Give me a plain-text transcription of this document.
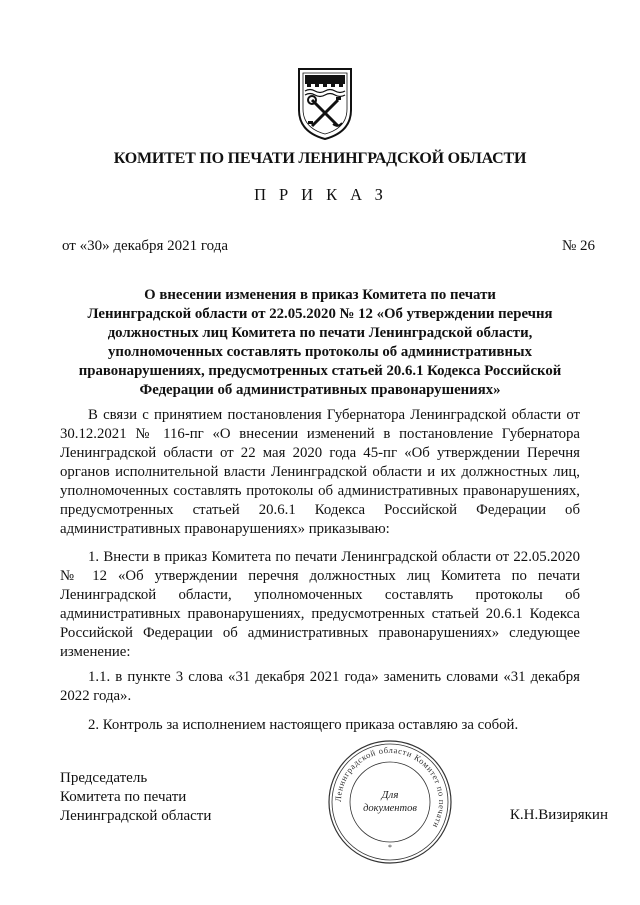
КОМИТЕТ ПО ПЕЧАТИ ЛЕНИНГРАДСКОЙ ОБЛАСТИ
ПРИКАЗ
от «30» декабря 2021 года	№ 26
О внесении изменения в приказ Комитета по печати
Ленинградской области от 22.05.2020 № 12 «Об утверждении перечня
должностных лиц Комитета по печати Ленинградской области,
уполномоченных составлять протоколы об административных
правонарушениях, предусмотренных статьей 20.6.1 Кодекса Российской
Федерации об административных правонарушениях»

В связи с принятием постановления Губернатора Ленинградской области от 30.12.2021 № 116-пг «О внесении изменений в постановление Губернатора Ленинградской области от 22 мая 2020 года 45-пг «Об утверждении Перечня органов исполнительной власти Ленинградской области и их должностных лиц, уполномоченных составлять протоколы об административных правонарушениях, предусмотренных статьей 20.6.1 Кодекса Российской Федерации об административных правонарушениях» приказываю:

1. Внести в приказ Комитета по печати Ленинградской области от 22.05.2020 № 12 «Об утверждении перечня должностных лиц Комитета по печати Ленинградской области, уполномоченных составлять протоколы об административных правонарушениях, предусмотренных статьей 20.6.1 Кодекса Российской Федерации об административных правонарушениях» следующее изменение:

1.1. в пункте 3 слова «31 декабря 2021 года» заменить словами «31 декабря 2022 года».

2. Контроль за исполнением настоящего приказа оставляю за собой.

Председатель
Комитета по печати
Ленинградской области
Ленинградской области Комитет по печати
Для
документов
*
К.Н.Визирякин
